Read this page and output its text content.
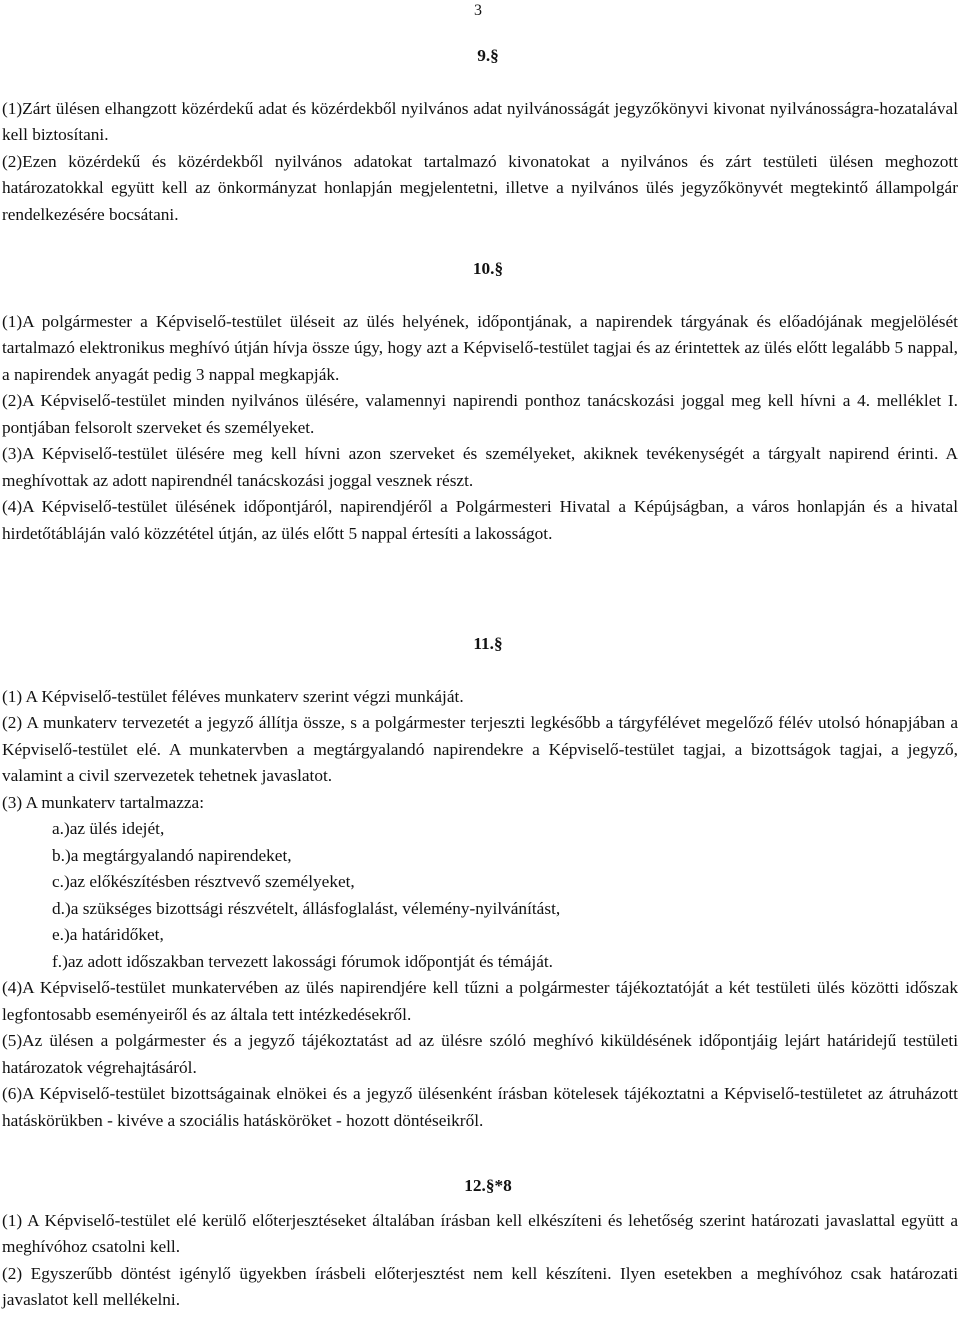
3
9.§

(1)Zárt ülésen elhangzott közérdekű adat és közérdekből nyilvános adat nyilvánosságát jegyzőkönyvi kivonat nyilvánosságra-hozatalával kell biztosítani.

(2)Ezen közérdekű és közérdekből nyilvános adatokat tartalmazó kivonatokat a nyilvános és zárt testületi ülésen meghozott határozatokkal együtt kell az önkormányzat honlapján megjelentetni, illetve a nyilvános ülés jegyzőkönyvét megtekintő állampolgár rendelkezésére bocsátani.

10.§

(1)A polgármester a Képviselő-testület üléseit az ülés helyének, időpontjának, a napirendek tárgyának és előadójának megjelölését tartalmazó elektronikus meghívó útján hívja össze úgy, hogy azt a Képviselő-testület tagjai és az érintettek az ülés előtt legalább 5 nappal, a napirendek anyagát pedig 3 nappal megkapják.

(2)A Képviselő-testület minden nyilvános ülésére, valamennyi napirendi ponthoz tanácskozási joggal meg kell hívni a 4. melléklet I. pontjában felsorolt szerveket és személyeket.

(3)A Képviselő-testület ülésére meg kell hívni azon szerveket és személyeket, akiknek tevékenységét a tárgyalt napirend érinti. A meghívottak az adott napirendnél tanácskozási joggal vesznek részt.

(4)A Képviselő-testület ülésének időpontjáról, napirendjéről a Polgármesteri Hivatal a Képújságban, a város honlapján és a hivatal hirdetőtábláján való közzététel útján, az ülés előtt 5 nappal értesíti a lakosságot.

11.§

(1) A Képviselő-testület féléves munkaterv szerint végzi munkáját.

(2) A munkaterv tervezetét a jegyző állítja össze, s a polgármester terjeszti legkésőbb a tárgyfélévet megelőző félév utolsó hónapjában a Képviselő-testület elé. A munkatervben a megtárgyalandó napirendekre a Képviselő-testület tagjai, a bizottságok tagjai, a jegyző, valamint a civil szervezetek tehetnek javaslatot.

(3) A munkaterv tartalmazza:

a.)az ülés idejét,

b.)a megtárgyalandó napirendeket,

c.)az előkészítésben résztvevő személyeket,

d.)a szükséges bizottsági részvételt, állásfoglalást, vélemény-nyilvánítást,

e.)a határidőket,

f.)az adott időszakban tervezett lakossági fórumok időpontját és témáját.

(4)A Képviselő-testület munkatervében az ülés napirendjére kell tűzni a polgármester tájékoztatóját a két testületi ülés közötti időszak legfontosabb eseményeiről és az általa tett intézkedésekről.

(5)Az ülésen a polgármester és a jegyző tájékoztatást ad az ülésre szóló meghívó kiküldésének időpontjáig lejárt határidejű testületi határozatok végrehajtásáról.

(6)A Képviselő-testület bizottságainak elnökei és a jegyző ülésenként írásban kötelesek tájékoztatni a Képviselő-testületet az átruházott hatáskörükben - kivéve a szociális hatásköröket - hozott döntéseikről.

12.§*8

(1) A Képviselő-testület elé kerülő előterjesztéseket általában írásban kell elkészíteni és lehetőség szerint határozati javaslattal együtt a meghívóhoz csatolni kell.

(2) Egyszerűbb döntést igénylő ügyekben írásbeli előterjesztést nem kell készíteni. Ilyen esetekben a meghívóhoz csak határozati javaslatot kell mellékelni.
